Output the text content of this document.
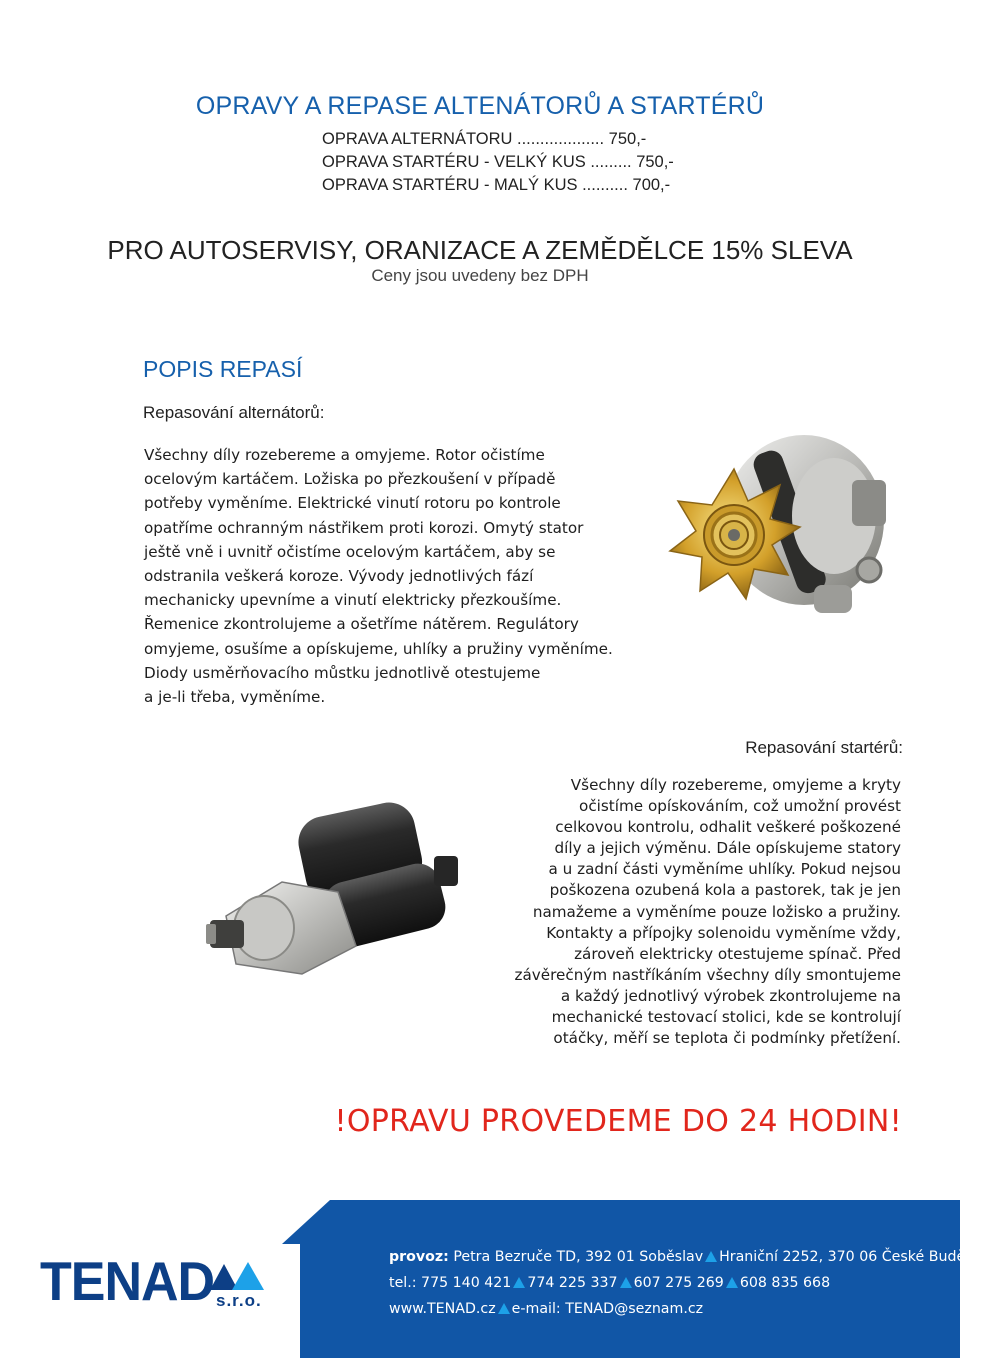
OPRAVY A REPASE ALTENÁTORŮ A STARTÉRŮ
OPRAVA ALTERNÁTORU ................... 750,-
OPRAVA STARTÉRU - VELKÝ KUS ......... 750,-
OPRAVA STARTÉRU - MALÝ KUS .......... 700,-
PRO AUTOSERVISY, ORANIZACE A ZEMĚDĚLCE 15% SLEVA
Ceny jsou uvedeny bez DPH
POPIS REPASÍ
Repasování alternátorů:
Všechny díly rozebereme a omyjeme. Rotor očistíme
ocelovým kartáčem. Ložiska po přezkoušení v případě
potřeby vyměníme. Elektrické vinutí rotoru po kontrole
opatříme ochranným nástřikem proti korozi. Omytý stator
ještě vně i uvnitř očistíme ocelovým kartáčem, aby se
odstranila veškerá koroze. Vývody jednotlivých fází
mechanicky upevníme a vinutí elektricky přezkoušíme.
Řemenice zkontrolujeme a ošetříme nátěrem. Regulátory
omyjeme, osušíme a opískujeme, uhlíky a pružiny vyměníme.
Diody usměrňovacího můstku jednotlivě otestujeme
a je-li třeba, vyměníme.
Repasování startérů:
Všechny díly rozebereme, omyjeme a kryty
očistíme opískováním, což umožní provést
celkovou kontrolu, odhalit veškeré poškozené
díly a jejich výměnu. Dále opískujeme statory
a u zadní části vyměníme uhlíky. Pokud nejsou
poškozena ozubená kola a pastorek, tak je jen
namažeme a vyměníme pouze ložisko a pružiny.
Kontakty a přípojky solenoidu vyměníme vždy,
zároveň elektricky otestujeme spínač. Před
závěrečným nastříkáním všechny díly smontujeme
a každý jednotlivý výrobek zkontrolujeme na
mechanické testovací stolici, kde se kontrolují
otáčky, měří se teplota či podmínky přetížení.
!OPRAVU PROVEDEME DO 24 HODIN!
TENAD s.r.o.
provoz: Petra Bezruče TD, 392 01 Soběslav Hraniční 2252, 370 06 České Budějovice
tel.: 775 140 421 774 225 337 607 275 269 608 835 668
www.TENAD.cz e-mail: TENAD@seznam.cz
